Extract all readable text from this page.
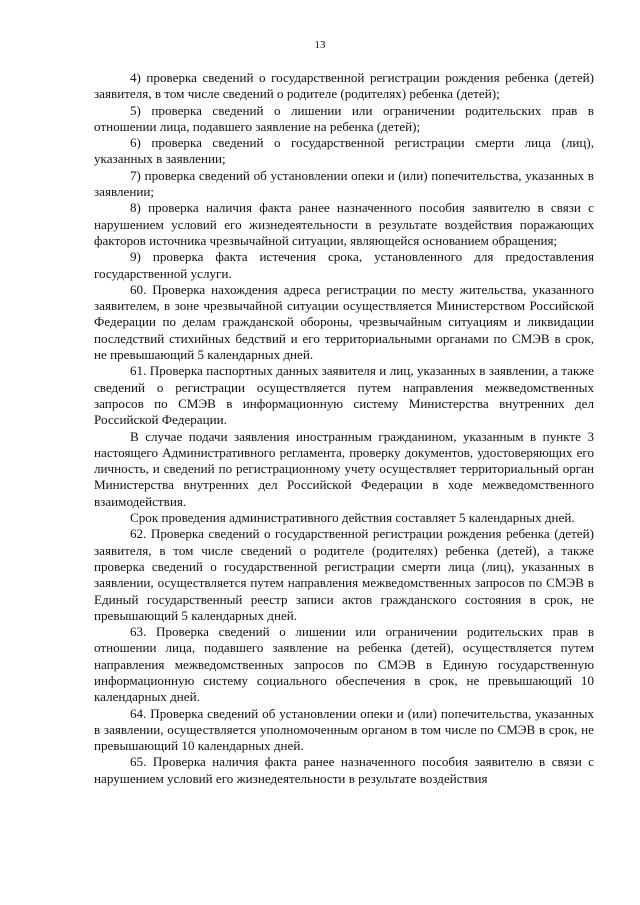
13

4) проверка сведений о государственной регистрации рождения ребенка (детей) заявителя, в том числе сведений о родителе (родителях) ребенка (детей);

5) проверка сведений о лишении или ограничении родительских прав в отношении лица, подавшего заявление на ребенка (детей);

6) проверка сведений о государственной регистрации смерти лица (лиц), указанных в заявлении;

7) проверка сведений об установлении опеки и (или) попечительства, указанных в заявлении;

8) проверка наличия факта ранее назначенного пособия заявителю в связи с нарушением условий его жизнедеятельности в результате воздействия поражающих факторов источника чрезвычайной ситуации, являющейся основанием обращения;

9) проверка факта истечения срока, установленного для предоставления государственной услуги.

60. Проверка нахождения адреса регистрации по месту жительства, указанного заявителем, в зоне чрезвычайной ситуации осуществляется Министерством Российской Федерации по делам гражданской обороны, чрезвычайным ситуациям и ликвидации последствий стихийных бедствий и его территориальными органами по СМЭВ в срок, не превышающий 5 календарных дней.

61. Проверка паспортных данных заявителя и лиц, указанных в заявлении, а также сведений о регистрации осуществляется путем направления межведомственных запросов по СМЭВ в информационную систему Министерства внутренних дел Российской Федерации.

В случае подачи заявления иностранным гражданином, указанным в пункте 3 настоящего Административного регламента, проверку документов, удостоверяющих его личность, и сведений по регистрационному учету осуществляет территориальный орган Министерства внутренних дел Российской Федерации в ходе межведомственного взаимодействия.

Срок проведения административного действия составляет 5 календарных дней.

62. Проверка сведений о государственной регистрации рождения ребенка (детей) заявителя, в том числе сведений о родителе (родителях) ребенка (детей), а также проверка сведений о государственной регистрации смерти лица (лиц), указанных в заявлении, осуществляется путем направления межведомственных запросов по СМЭВ в Единый государственный реестр записи актов гражданского состояния в срок, не превышающий 5 календарных дней.

63. Проверка сведений о лишении или ограничении родительских прав в отношении лица, подавшего заявление на ребенка (детей), осуществляется путем направления межведомственных запросов по СМЭВ в Единую государственную информационную систему социального обеспечения в срок, не превышающий 10 календарных дней.

64. Проверка сведений об установлении опеки и (или) попечительства, указанных в заявлении, осуществляется уполномоченным органом в том числе по СМЭВ в срок, не превышающий 10 календарных дней.

65. Проверка наличия факта ранее назначенного пособия заявителю в связи с нарушением условий его жизнедеятельности в результате воздействия
